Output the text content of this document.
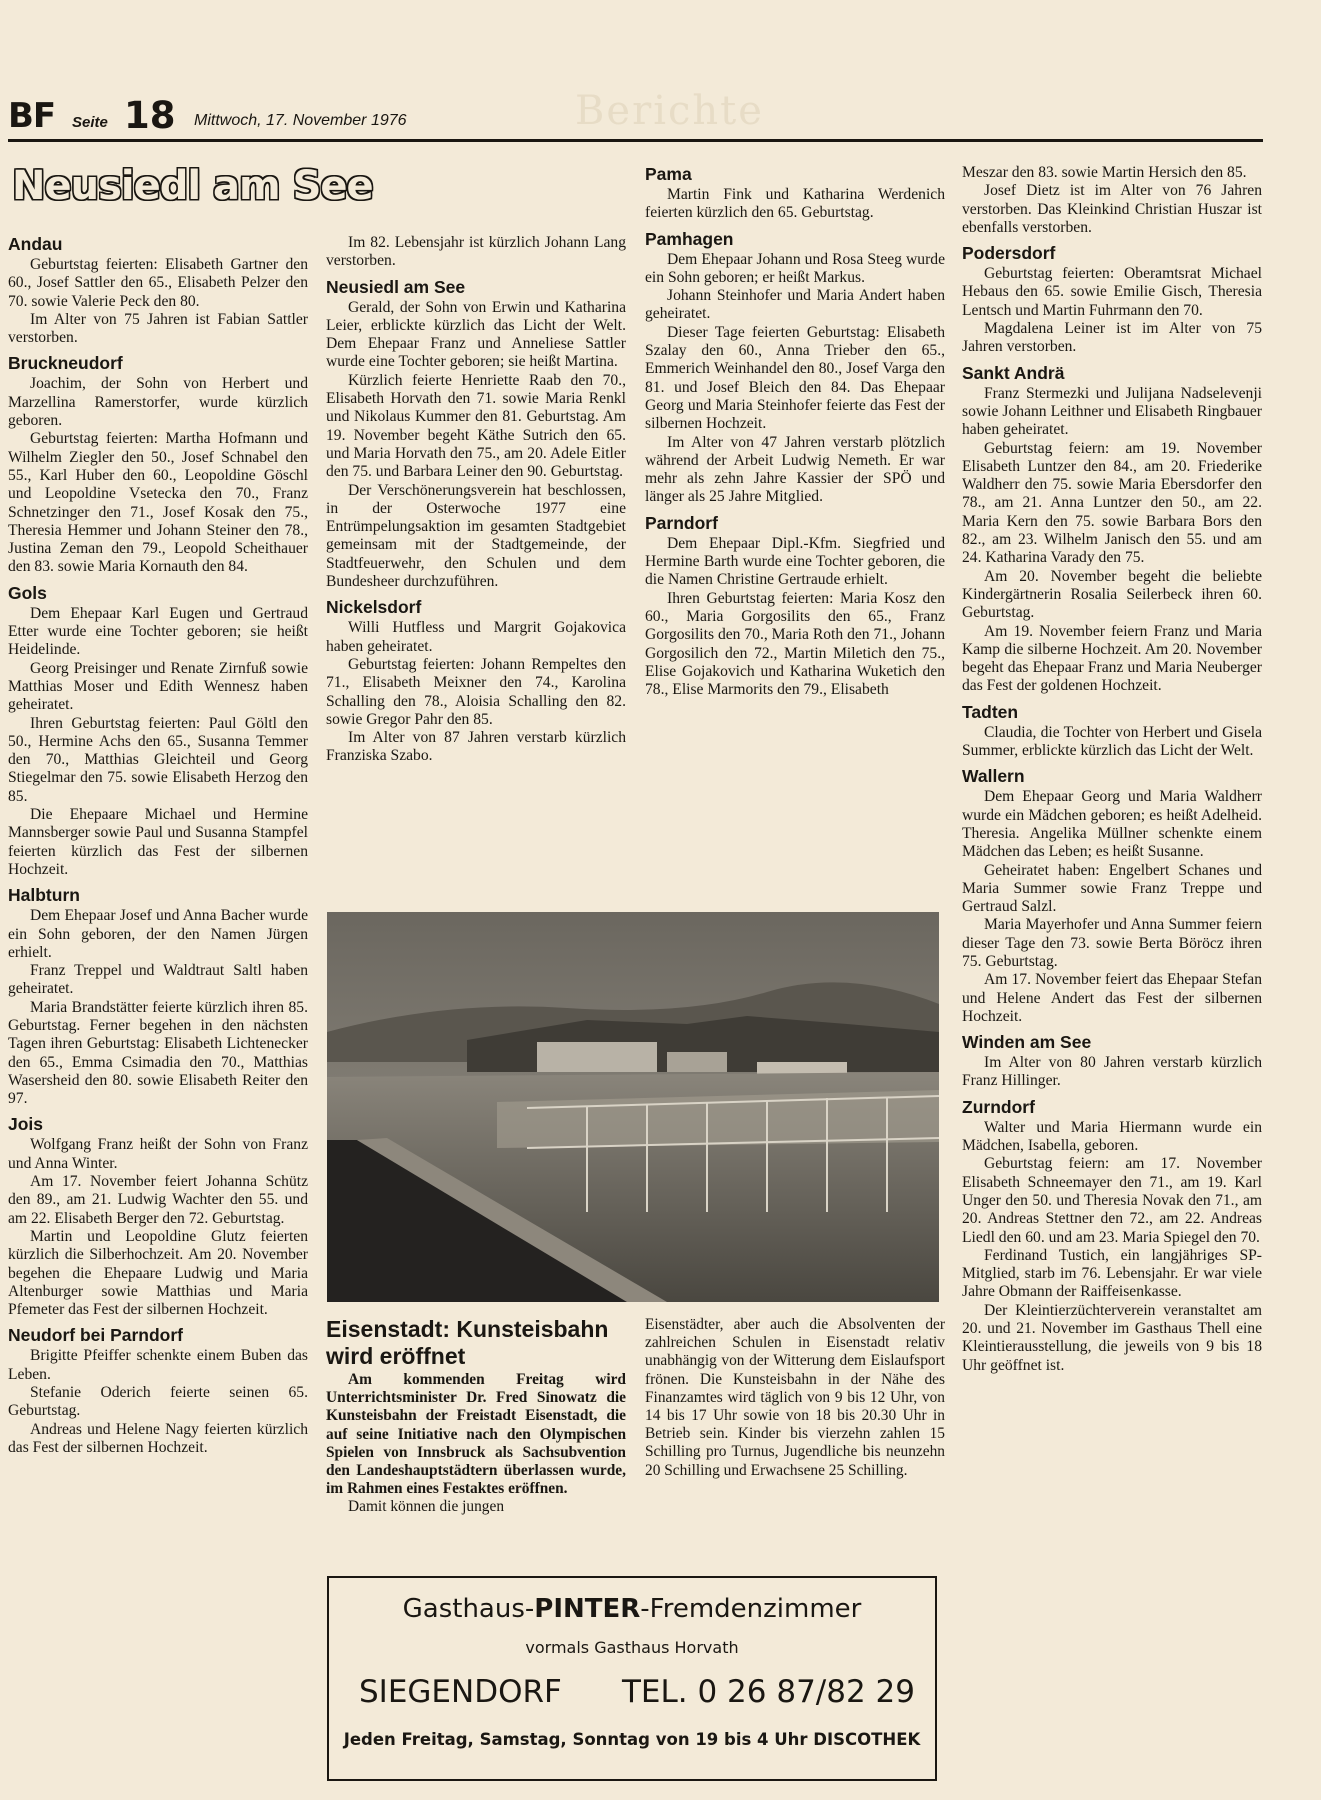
Berichte
BF Seite 18 Mittwoch, 17. November 1976
Neusiedl am See
Andau

Geburtstag feierten: Elisabeth Gartner den 60., Josef Sattler den 65., Elisabeth Pelzer den 70. sowie Valerie Peck den 80.

Im Alter von 75 Jahren ist Fabian Sattler verstorben.

Bruckneudorf

Joachim, der Sohn von Herbert und Marzellina Ramerstorfer, wurde kürzlich geboren.

Geburtstag feierten: Martha Hofmann und Wilhelm Ziegler den 50., Josef Schnabel den 55., Karl Huber den 60., Leopoldine Göschl und Leopoldine Vsetecka den 70., Franz Schnetzinger den 71., Josef Kosak den 75., Theresia Hemmer und Johann Steiner den 78., Justina Zeman den 79., Leopold Scheithauer den 83. sowie Maria Kornauth den 84.

Gols

Dem Ehepaar Karl Eugen und Gertraud Etter wurde eine Tochter geboren; sie heißt Heidelinde.

Georg Preisinger und Renate Zirnfuß sowie Matthias Moser und Edith Wennesz haben geheiratet.

Ihren Geburtstag feierten: Paul Göltl den 50., Hermine Achs den 65., Susanna Temmer den 70., Matthias Gleichteil und Georg Stiegelmar den 75. sowie Elisabeth Herzog den 85.

Die Ehepaare Michael und Hermine Mannsberger sowie Paul und Susanna Stampfel feierten kürzlich das Fest der silbernen Hochzeit.

Halbturn

Dem Ehepaar Josef und Anna Bacher wurde ein Sohn geboren, der den Namen Jürgen erhielt.

Franz Treppel und Waldtraut Saltl haben geheiratet.

Maria Brandstätter feierte kürzlich ihren 85. Geburtstag. Ferner begehen in den nächsten Tagen ihren Geburtstag: Elisabeth Lichtenecker den 65., Emma Csimadia den 70., Matthias Wasersheid den 80. sowie Elisabeth Reiter den 97.

Jois

Wolfgang Franz heißt der Sohn von Franz und Anna Winter.

Am 17. November feiert Johanna Schütz den 89., am 21. Ludwig Wachter den 55. und am 22. Elisabeth Berger den 72. Geburtstag.

Martin und Leopoldine Glutz feierten kürzlich die Silberhochzeit. Am 20. November begehen die Ehepaare Ludwig und Maria Altenburger sowie Matthias und Maria Pfemeter das Fest der silbernen Hochzeit.

Neudorf bei Parndorf

Brigitte Pfeiffer schenkte einem Buben das Leben.

Stefanie Oderich feierte seinen 65. Geburtstag.

Andreas und Helene Nagy feierten kürzlich das Fest der silbernen Hochzeit.

Im 82. Lebensjahr ist kürzlich Johann Lang verstorben.

Neusiedl am See

Gerald, der Sohn von Erwin und Katharina Leier, erblickte kürzlich das Licht der Welt. Dem Ehepaar Franz und Anneliese Sattler wurde eine Tochter geboren; sie heißt Martina.

Kürzlich feierte Henriette Raab den 70., Elisabeth Horvath den 71. sowie Maria Renkl und Nikolaus Kummer den 81. Geburtstag. Am 19. November begeht Käthe Sutrich den 65. und Maria Horvath den 75., am 20. Adele Eitler den 75. und Barbara Leiner den 90. Geburtstag.

Der Verschönerungsverein hat beschlossen, in der Osterwoche 1977 eine Entrümpelungsaktion im gesamten Stadtgebiet gemeinsam mit der Stadtgemeinde, der Stadtfeuerwehr, den Schulen und dem Bundesheer durchzuführen.

Nickelsdorf

Willi Hutfless und Margrit Gojakovica haben geheiratet.

Geburtstag feierten: Johann Rempeltes den 71., Elisabeth Meixner den 74., Karolina Schalling den 78., Aloisia Schalling den 82. sowie Gregor Pahr den 85.

Im Alter von 87 Jahren verstarb kürzlich Franziska Szabo.

Pama

Martin Fink und Katharina Werdenich feierten kürzlich den 65. Geburtstag.

Pamhagen

Dem Ehepaar Johann und Rosa Steeg wurde ein Sohn geboren; er heißt Markus.

Johann Steinhofer und Maria Andert haben geheiratet.

Dieser Tage feierten Geburtstag: Elisabeth Szalay den 60., Anna Trieber den 65., Emmerich Weinhandel den 80., Josef Varga den 81. und Josef Bleich den 84. Das Ehepaar Georg und Maria Steinhofer feierte das Fest der silbernen Hochzeit.

Im Alter von 47 Jahren verstarb plötzlich während der Arbeit Ludwig Nemeth. Er war mehr als zehn Jahre Kassier der SPÖ und länger als 25 Jahre Mitglied.

Parndorf

Dem Ehepaar Dipl.-Kfm. Siegfried und Hermine Barth wurde eine Tochter geboren, die die Namen Christine Gertraude erhielt.

Ihren Geburtstag feierten: Maria Kosz den 60., Maria Gorgosilits den 65., Franz Gorgosilits den 70., Maria Roth den 71., Johann Gorgosilich den 72., Martin Miletich den 75., Elise Gojakovich und Katharina Wuketich den 78., Elise Marmorits den 79., Elisabeth

Meszar den 83. sowie Martin Hersich den 85.

Josef Dietz ist im Alter von 76 Jahren verstorben. Das Kleinkind Christian Huszar ist ebenfalls verstorben.

Podersdorf

Geburtstag feierten: Oberamtsrat Michael Hebaus den 65. sowie Emilie Gisch, Theresia Lentsch und Martin Fuhrmann den 70.

Magdalena Leiner ist im Alter von 75 Jahren verstorben.

Sankt Andrä

Franz Stermezki und Julijana Nadselevenji sowie Johann Leithner und Elisabeth Ringbauer haben geheiratet.

Geburtstag feiern: am 19. November Elisabeth Luntzer den 84., am 20. Friederike Waldherr den 75. sowie Maria Ebersdorfer den 78., am 21. Anna Luntzer den 50., am 22. Maria Kern den 75. sowie Barbara Bors den 82., am 23. Wilhelm Janisch den 55. und am 24. Katharina Varady den 75.

Am 20. November begeht die beliebte Kindergärtnerin Rosalia Seilerbeck ihren 60. Geburtstag.

Am 19. November feiern Franz und Maria Kamp die silberne Hochzeit. Am 20. November begeht das Ehepaar Franz und Maria Neuberger das Fest der goldenen Hochzeit.

Tadten

Claudia, die Tochter von Herbert und Gisela Summer, erblickte kürzlich das Licht der Welt.

Wallern

Dem Ehepaar Georg und Maria Waldherr wurde ein Mädchen geboren; es heißt Adelheid. Theresia. Angelika Müllner schenkte einem Mädchen das Leben; es heißt Susanne.

Geheiratet haben: Engelbert Schanes und Maria Summer sowie Franz Treppe und Gertraud Salzl.

Maria Mayerhofer und Anna Summer feiern dieser Tage den 73. sowie Berta Böröcz ihren 75. Geburtstag.

Am 17. November feiert das Ehepaar Stefan und Helene Andert das Fest der silbernen Hochzeit.

Winden am See

Im Alter von 80 Jahren verstarb kürzlich Franz Hillinger.

Zurndorf

Walter und Maria Hiermann wurde ein Mädchen, Isabella, geboren.

Geburtstag feiern: am 17. November Elisabeth Schneemayer den 71., am 19. Karl Unger den 50. und Theresia Novak den 71., am 20. Andreas Stettner den 72., am 22. Andreas Liedl den 60. und am 23. Maria Spiegel den 70.

Ferdinand Tustich, ein langjähriges SP-Mitglied, starb im 76. Lebensjahr. Er war viele Jahre Obmann der Raiffeisenkasse.

Der Kleintierzüchterverein veranstaltet am 20. und 21. November im Gasthaus Thell eine Kleintierausstellung, die jeweils von 9 bis 18 Uhr geöffnet ist.

Eisenstadt: Kunsteisbahn wird eröffnet

Am kommenden Freitag wird Unterrichtsminister Dr. Fred Sinowatz die Kunsteisbahn der Freistadt Eisenstadt, die auf seine Initiative nach den Olympischen Spielen von Innsbruck als Sachsubvention den Landeshauptstädtern überlassen wurde, im Rahmen eines Festaktes eröffnen.

Damit können die jungen

Eisenstädter, aber auch die Absolventen der zahlreichen Schulen in Eisenstadt relativ unabhängig von der Witterung dem Eislaufsport frönen. Die Kunsteisbahn in der Nähe des Finanzamtes wird täglich von 9 bis 12 Uhr, von 14 bis 17 Uhr sowie von 18 bis 20.30 Uhr in Betrieb sein. Kinder bis vierzehn zahlen 15 Schilling pro Turnus, Jugendliche bis neunzehn 20 Schilling und Erwachsene 25 Schilling.

Gasthaus-PINTER-Fremdenzimmer
vormals Gasthaus Horvath
SIEGENDORF TEL. 0 26 87/82 29
Jeden Freitag, Samstag, Sonntag von 19 bis 4 Uhr DISCOTHEK
